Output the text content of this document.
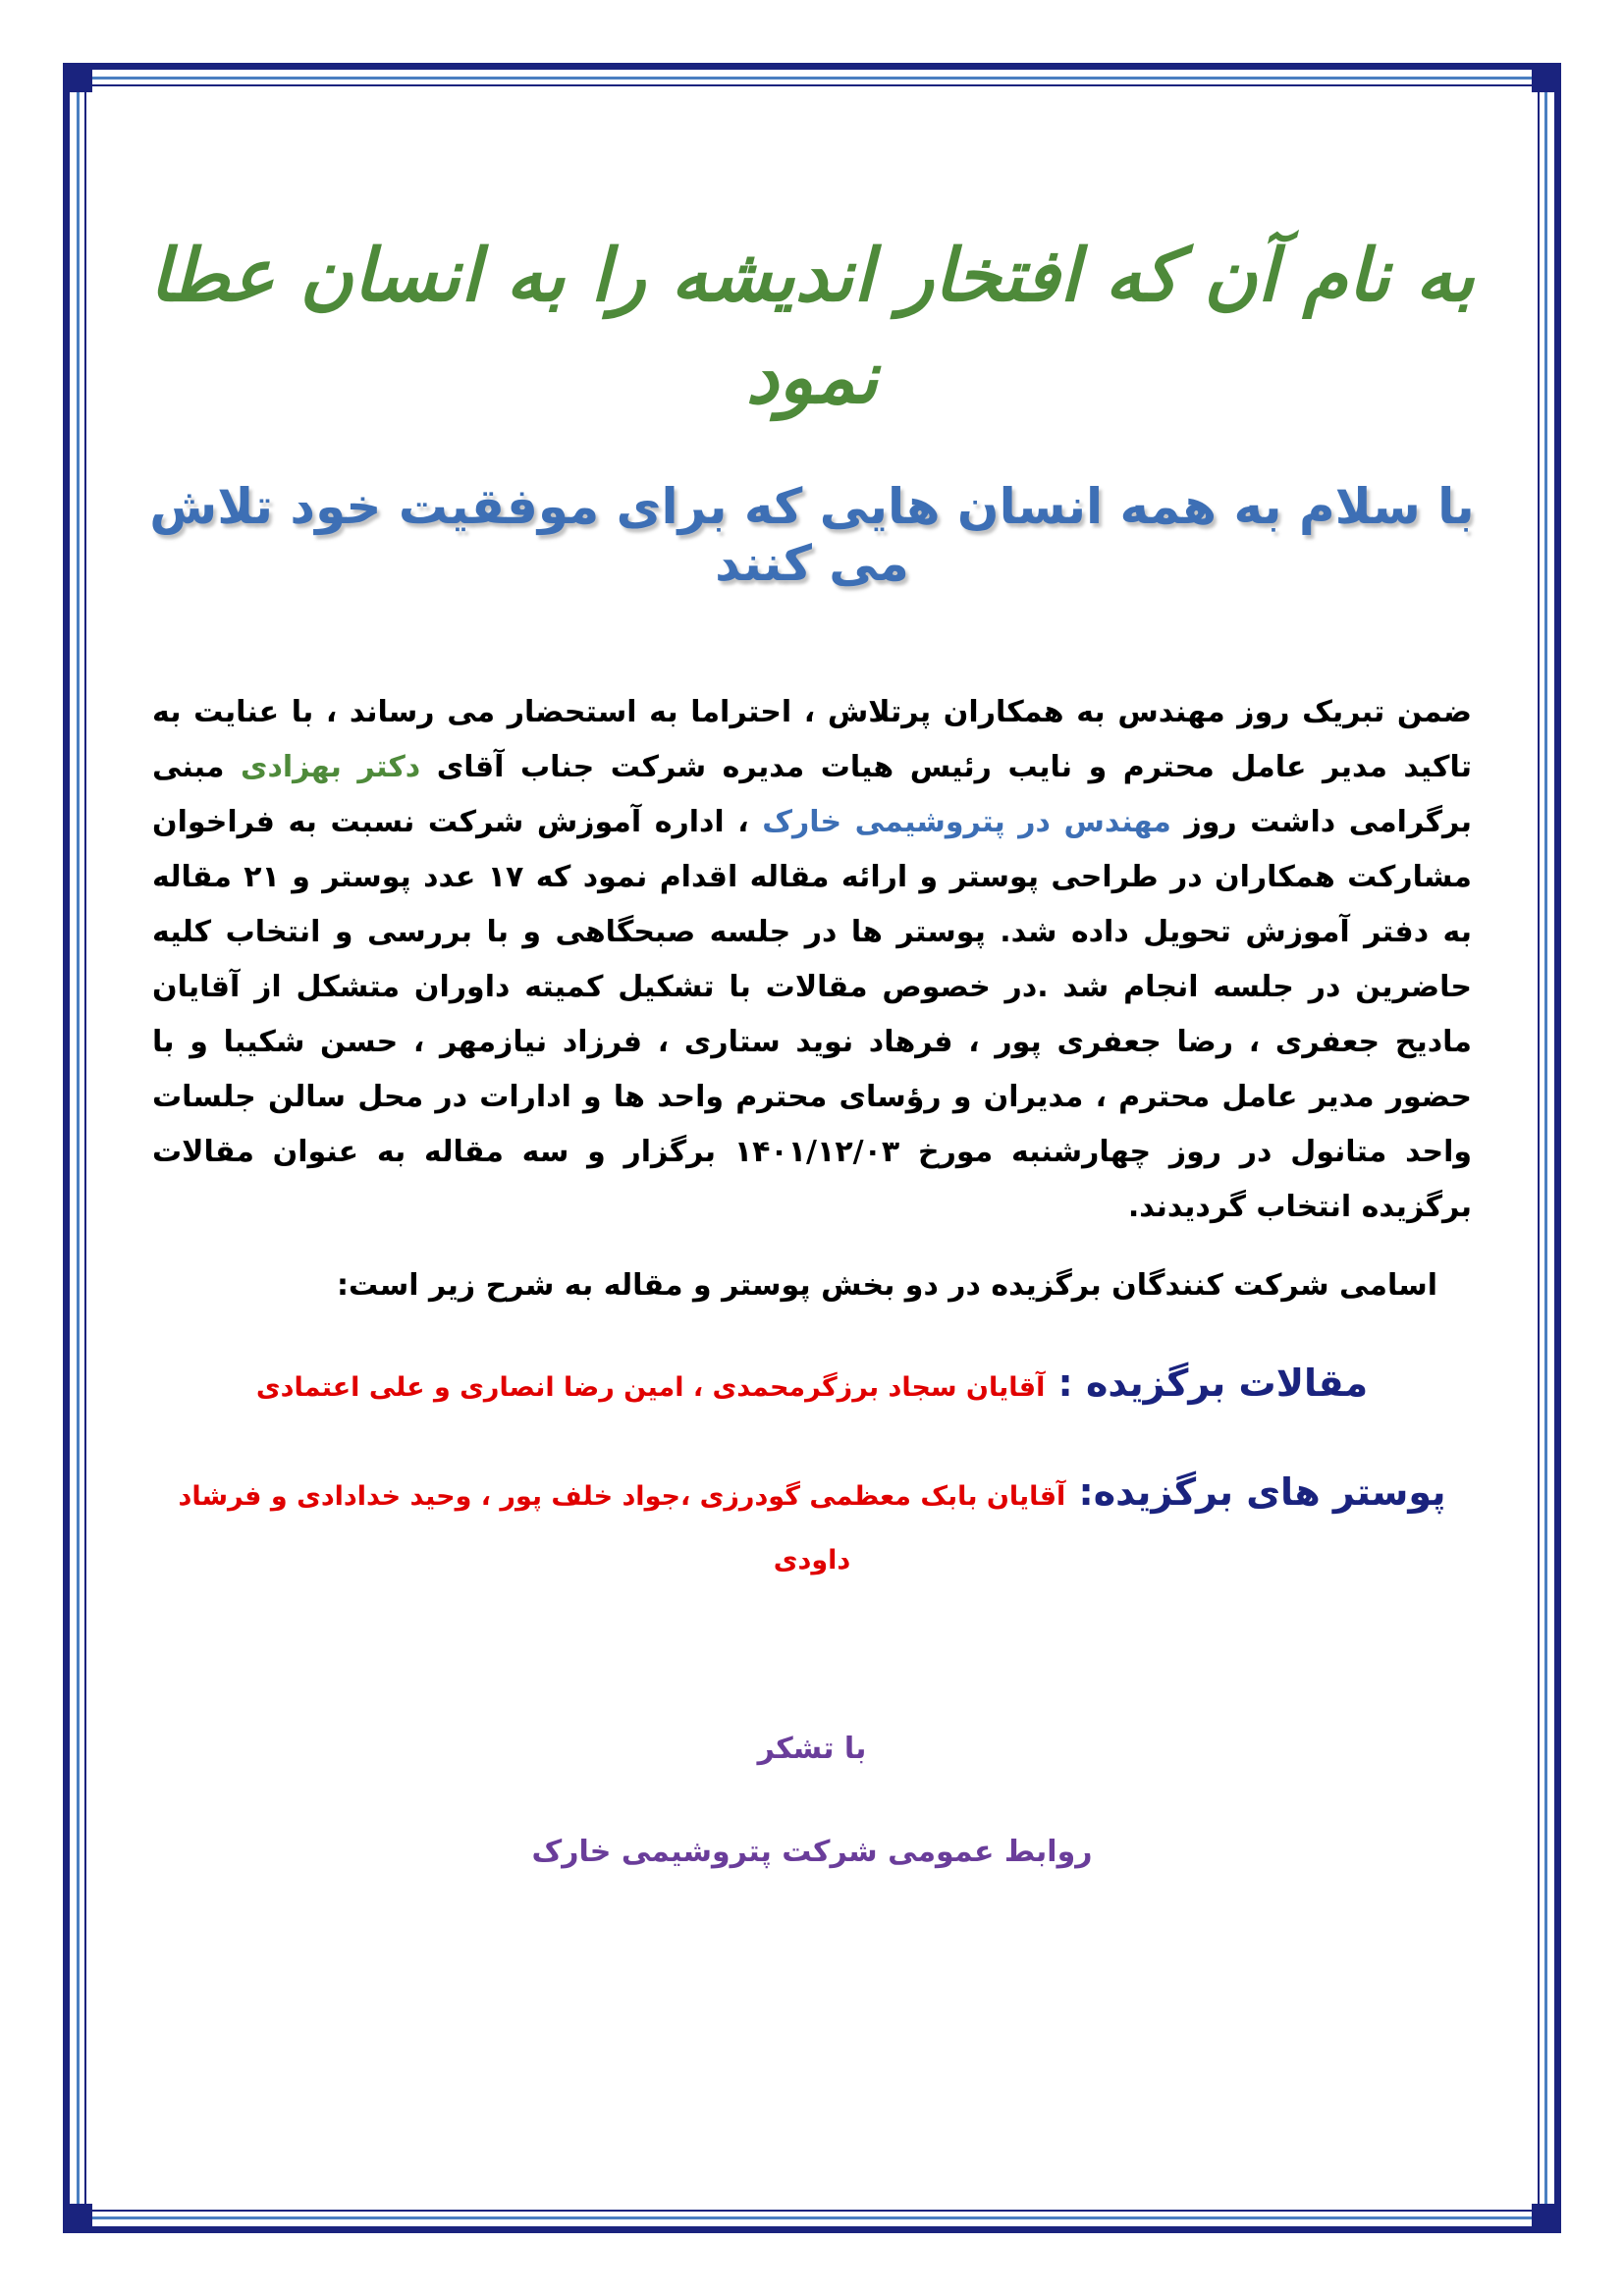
به نام آن که افتخار اندیشه را به انسان عطا نمود
با سلام به همه انسان هایی که برای موفقیت خود تلاش می کنند
ضمن تبریک روز مهندس به همکاران پرتلاش ، احتراما به استحضار می رساند ، با عنایت به تاکید مدیر عامل محترم و نایب رئیس هیات مدیره شرکت جناب آقای دکتر بهزادی مبنی برگرامی داشت روز مهندس در پتروشیمی خارک ، اداره آموزش شرکت نسبت به فراخوان مشارکت همکاران در طراحی پوستر و ارائه مقاله اقدام نمود که ۱۷ عدد پوستر و ۲۱ مقاله به دفتر آموزش تحویل داده شد. پوستر ها در جلسه صبحگاهی و با بررسی و انتخاب کلیه حاضرین در جلسه انجام شد .در خصوص مقالات با تشکیل کمیته داوران متشکل از آقایان مادیح جعفری ، رضا جعفری پور ، فرهاد نوید ستاری ، فرزاد نیازمهر ، حسن شکیبا و با حضور مدیر عامل محترم ، مدیران و رؤسای محترم واحد ها و ادارات در محل سالن جلسات واحد متانول در روز چهارشنبه مورخ ۱۴۰۱/۱۲/۰۳ برگزار و سه مقاله به عنوان مقالات برگزیده انتخاب گردیدند.
اسامی شرکت کنندگان برگزیده در دو بخش پوستر و مقاله به شرح زیر است:
مقالات برگزیده : آقایان سجاد برزگرمحمدی ، امین رضا انصاری و علی اعتمادی
پوستر های برگزیده: آقایان بابک معظمی گودرزی ،جواد خلف پور ، وحید خدادادی و فرشاد داودی
با تشکر
روابط عمومی شرکت پتروشیمی خارک
